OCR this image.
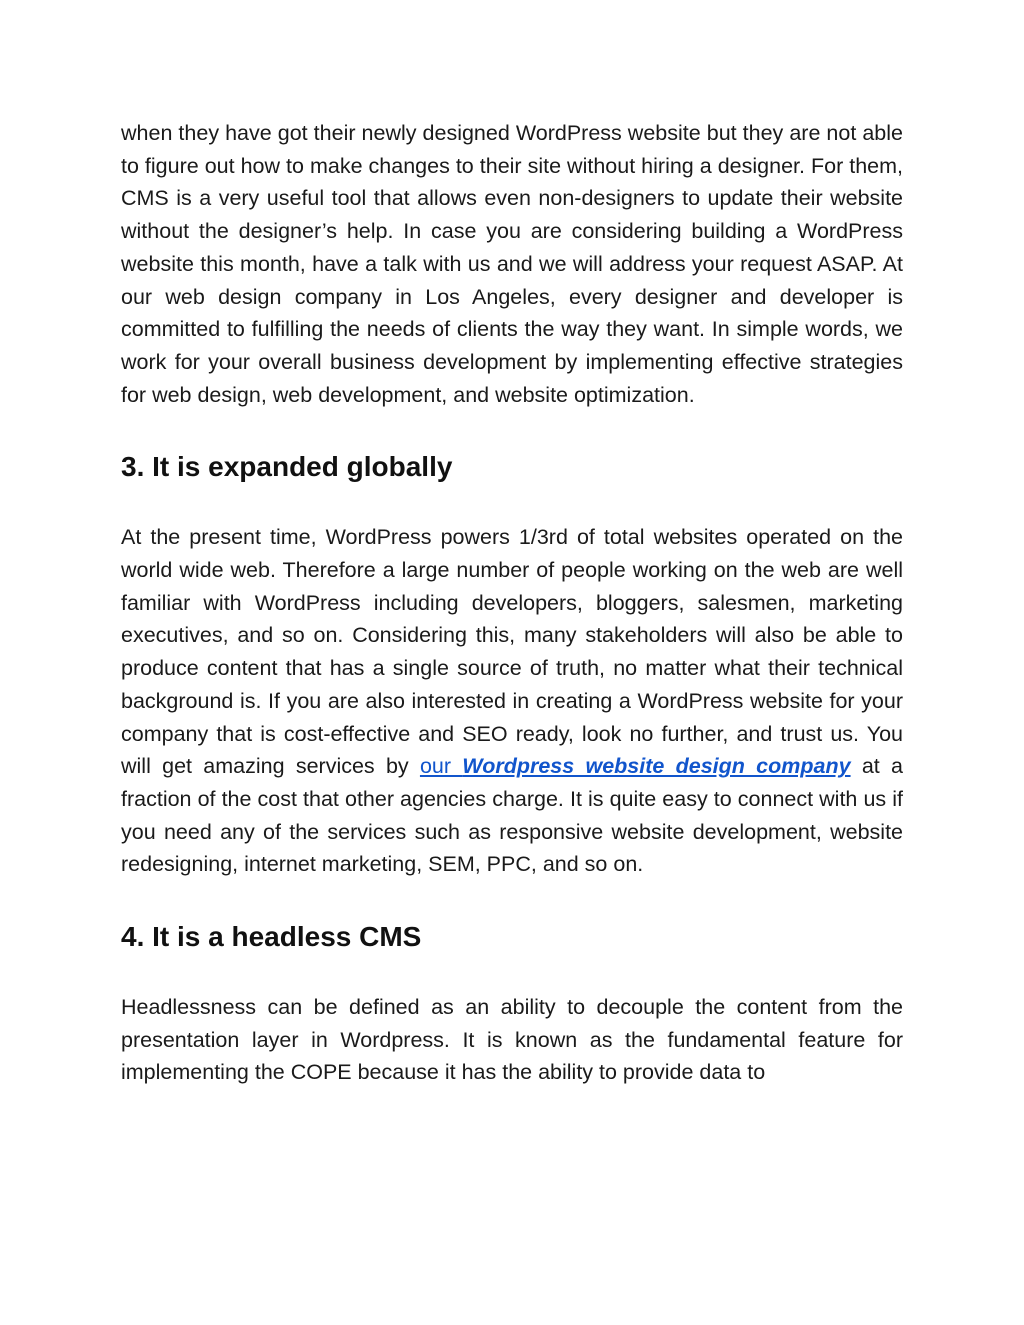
when they have got their newly designed WordPress website but they are not able to figure out how to make changes to their site without hiring a designer. For them, CMS is a very useful tool that allows even non-designers to update their website without the designer’s help. In case you are considering building a WordPress website this month, have a talk with us and we will address your request ASAP. At our web design company in Los Angeles, every designer and developer is committed to fulfilling the needs of clients the way they want. In simple words, we work for your overall business development by implementing effective strategies for web design, web development, and website optimization.

3. It is expanded globally

At the present time, WordPress powers 1/3rd of total websites operated on the world wide web. Therefore a large number of people working on the web are well familiar with WordPress including developers, bloggers, salesmen, marketing executives, and so on. Considering this, many stakeholders will also be able to produce content that has a single source of truth, no matter what their technical background is. If you are also interested in creating a WordPress website for your company that is cost-effective and SEO ready, look no further, and trust us. You will get amazing services by our Wordpress website design company at a fraction of the cost that other agencies charge. It is quite easy to connect with us if you need any of the services such as responsive website development, website redesigning, internet marketing, SEM, PPC, and so on.

4. It is a headless CMS

Headlessness can be defined as an ability to decouple the content from the presentation layer in Wordpress. It is known as the fundamental feature for implementing the COPE because it has the ability to provide data to
